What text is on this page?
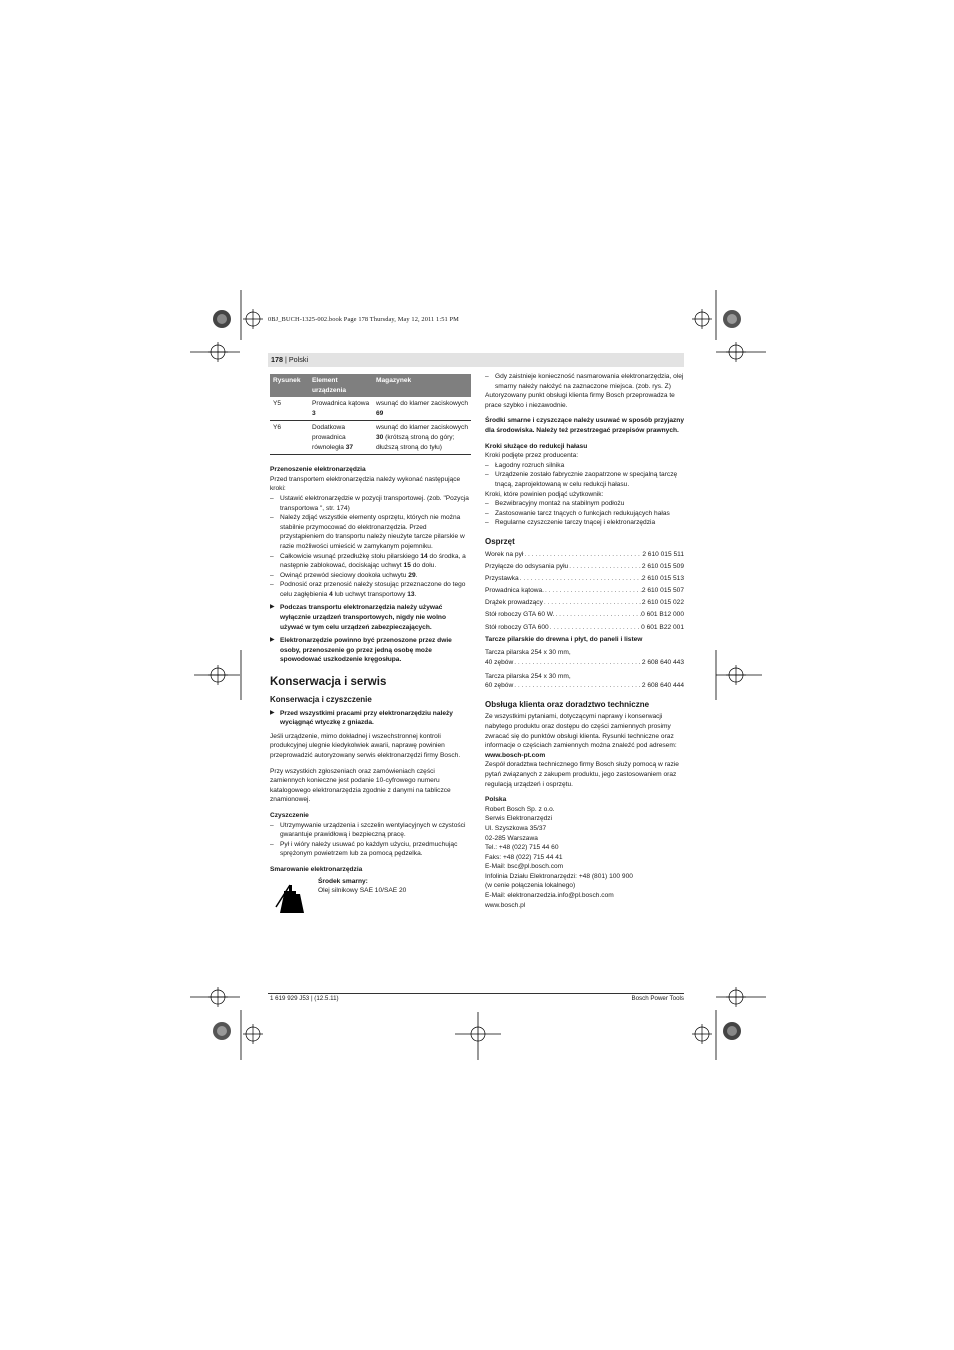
0BJ_BUCH-1325-002.book Page 178 Thursday, May 12, 2011 1:51 PM
178 | Polski
Rysunek	Element urządzenia	Magazynek
Y5	Prowadnica kątowa 3	wsunąć do klamer zaciskowych 69
Y6	Dodatkowa prowadnica równoległa 37	wsunąć do klamer zaciskowych 30 (krótszą stroną do góry; dłuższą stroną do tyłu)

Przenoszenie elektronarzędzia

Przed transportem elektronarzędzia należy wykonać następujące kroki:

– Ustawić elektronarzędzie w pozycji transportowej. (zob. "Pozycja transportowa ", str. 174)
– Należy zdjąć wszystkie elementy osprzętu, których nie można stabilnie przymocować do elektronarzędzia. Przed przystąpieniem do transportu należy nieużyte tarcze pilarskie w razie możliwości umieścić w zamykanym pojemniku.
– Całkowicie wsunąć przedłużkę stołu pilarskiego 14 do środka, a następnie zablokować, dociskając uchwyt 15 do dołu.
– Owinąć przewód sieciowy dookoła uchwytu 29.
– Podnosić oraz przenosić należy stosując przeznaczone do tego celu zagłębienia 4 lub uchwyt transportowy 13.
▶ Podczas transportu elektronarzędzia należy używać wyłącznie urządzeń transportowych, nigdy nie wolno używać w tym celu urządzeń zabezpieczających.
▶ Elektronarzędzie powinno być przenoszone przez dwie osoby, przenoszenie go przez jedną osobę może spowodować uszkodzenie kręgosłupa.

Konserwacja i serwis

Konserwacja i czyszczenie

▶ Przed wszystkimi pracami przy elektronarzędziu należy wyciągnąć wtyczkę z gniazda.

Jeśli urządzenie, mimo dokładnej i wszechstronnej kontroli produkcyjnej ulegnie kiedykolwiek awarii, naprawę powinien przeprowadzić autoryzowany serwis elektronarzędzi firmy Bosch.

Przy wszystkich zgłoszeniach oraz zamówieniach części zamiennych konieczne jest podanie 10-cyfrowego numeru katalogowego elektronarzędzia zgodnie z danymi na tabliczce znamionowej.

Czyszczenie

– Utrzymywanie urządzenia i szczelin wentylacyjnych w czystości gwarantuje prawidłową i bezpieczną pracę.
– Pył i wióry należy usuwać po każdym użyciu, przedmuchując sprężonym powietrzem lub za pomocą pędzelka.

Smarowanie elektronarzędzia

Środek smarny:

Olej silnikowy SAE 10/SAE 20

– Gdy zaistnieje konieczność nasmarowania elektronarzędzia, olej smarny należy nałożyć na zaznaczone miejsca. (zob. rys. Z)

Autoryzowany punkt obsługi klienta firmy Bosch przeprowadza te prace szybko i niezawodnie.

Środki smarne i czyszczące należy usuwać w sposób przyjazny dla środowiska. Należy też przestrzegać przepisów prawnych.

Kroki służące do redukcji hałasu

Kroki podjęte przez producenta:

– Łagodny rozruch silnika
– Urządzenie zostało fabrycznie zaopatrzone w specjalną tarczę tnącą, zaprojektowaną w celu redukcji hałasu.

Kroki, które powinien podjąć użytkownik:

– Bezwibracyjny montaż na stabilnym podłożu
– Zastosowanie tarcz tnących o funkcjach redukujących hałas
– Regularne czyszczenie tarczy tnącej i elektronarzędzia

Osprzęt

Worek na pył . . .	2 610 015 511
Przyłącze do odsysania pyłu . . .	2 610 015 509
Przystawka . . .	2 610 015 513
Prowadnica kątowa. . . .	2 610 015 507
Drążek prowadzący . . .	2 610 015 022
Stół roboczy GTA 60 W. . . .	0 601 B12 000
Stół roboczy GTA 600 . . .	0 601 B22 001

Tarcze pilarskie do drewna i płyt, do paneli i listew

Tarcza pilarska 254 x 30 mm,

40 zębów . . .	2 608 640 443

Tarcza pilarska 254 x 30 mm,

60 zębów . . .	2 608 640 444

Obsługa klienta oraz doradztwo techniczne

Ze wszystkimi pytaniami, dotyczącymi naprawy i konserwacji nabytego produktu oraz dostępu do części zamiennych prosimy zwracać się do punktów obsługi klienta. Rysunki techniczne oraz informacje o częściach zamiennych można znaleźć pod adresem:

www.bosch-pt.com

Zespół doradztwa technicznego firmy Bosch służy pomocą w razie pytań związanych z zakupem produktu, jego zastosowaniem oraz regulacją urządzeń i osprzętu.

Polska

Robert Bosch Sp. z o.o.

Serwis Elektronarzędzi

Ul. Szyszkowa 35/37

02-285 Warszawa

Tel.: +48 (022) 715 44 60

Faks: +48 (022) 715 44 41

E-Mail: bsc@pl.bosch.com

Infolinia Działu Elektronarzędzi: +48 (801) 100 900

(w cenie połączenia lokalnego)

E-Mail: elektronarzedzia.info@pl.bosch.com

www.bosch.pl

1 619 929 J53 | (12.5.11)	Bosch Power Tools
